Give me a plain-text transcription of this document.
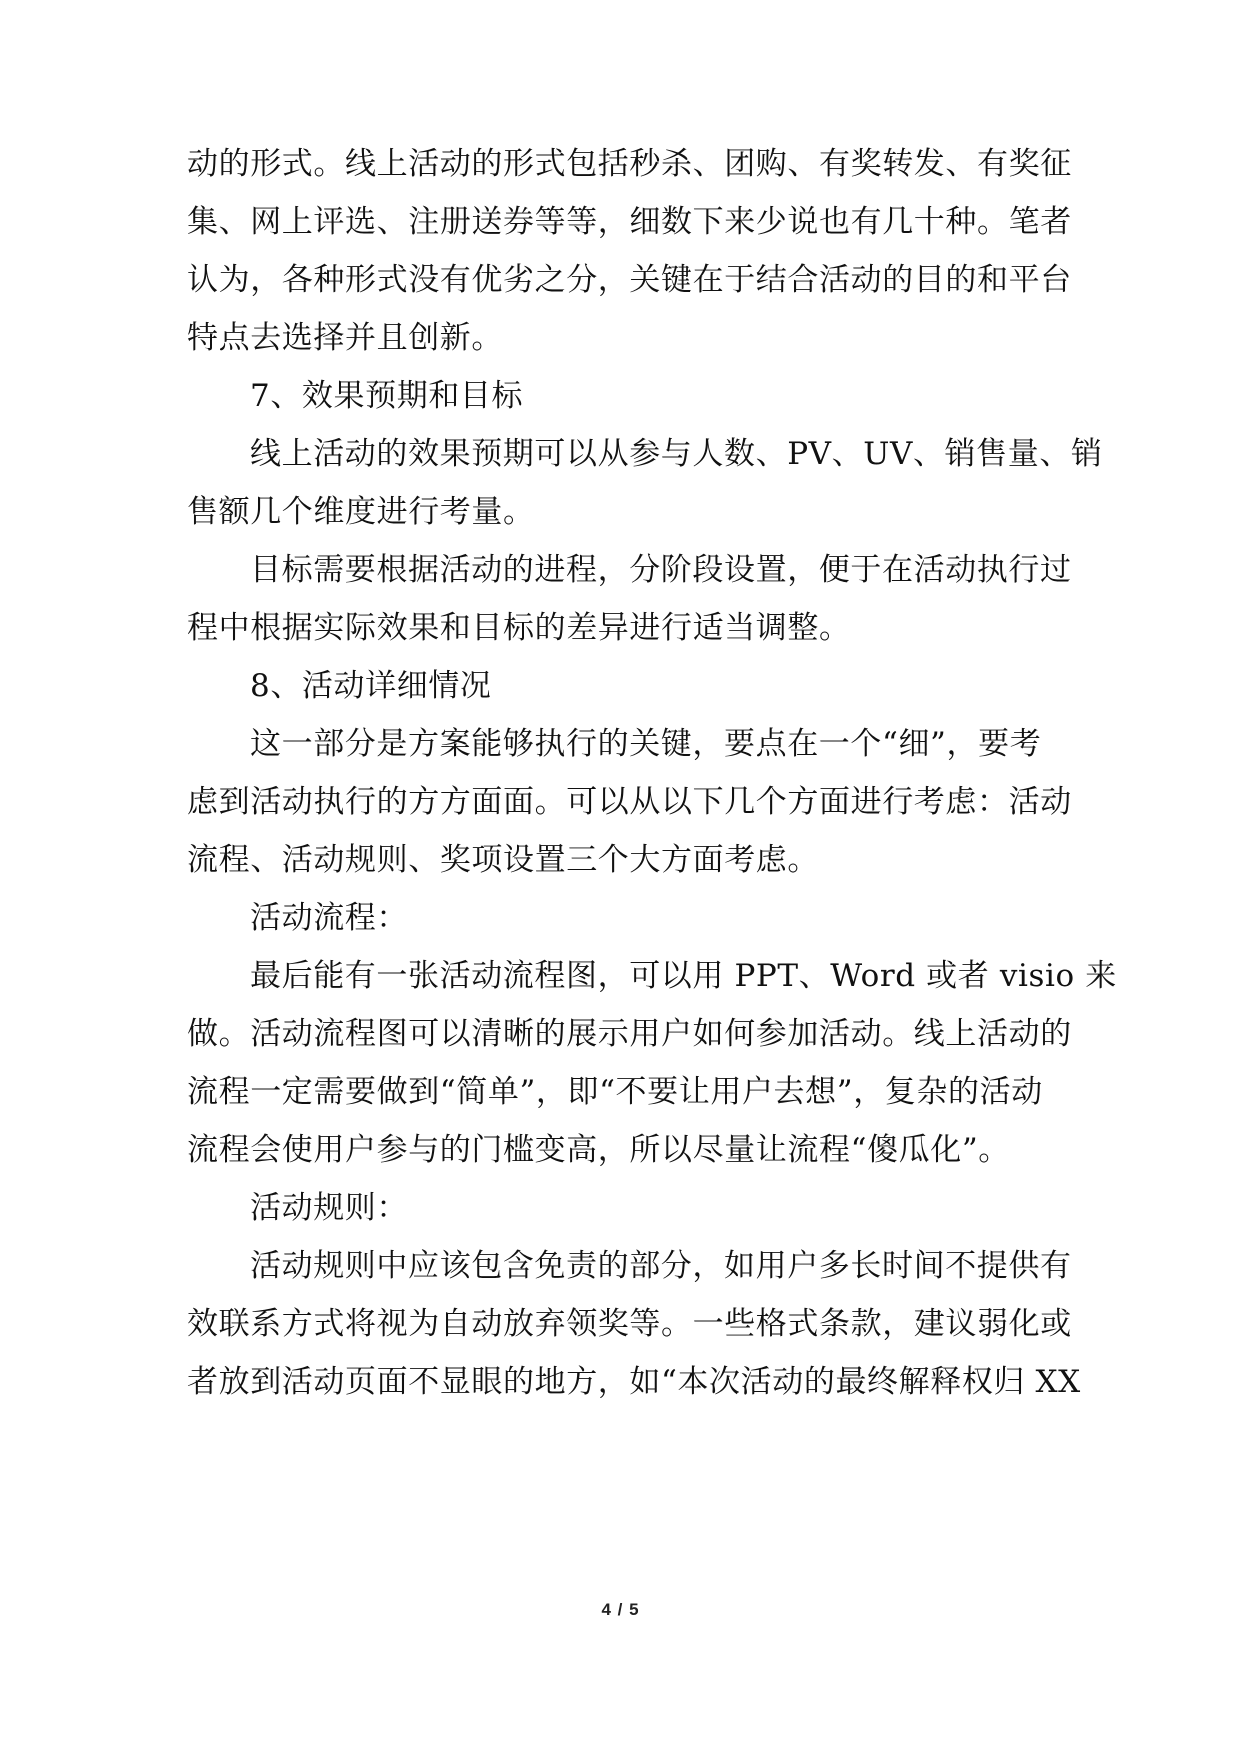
动的形式。线上活动的形式包括秒杀、团购、有奖转发、有奖征
集、网上评选、注册送券等等，细数下来少说也有几十种。笔者
认为，各种形式没有优劣之分，关键在于结合活动的目的和平台
特点去选择并且创新。
7、效果预期和目标
线上活动的效果预期可以从参与人数、PV、UV、销售量、销
售额几个维度进行考量。
目标需要根据活动的进程，分阶段设置，便于在活动执行过
程中根据实际效果和目标的差异进行适当调整。
8、活动详细情况
这一部分是方案能够执行的关键，要点在一个“细”，要考
虑到活动执行的方方面面。可以从以下几个方面进行考虑：活动
流程、活动规则、奖项设置三个大方面考虑。
活动流程：
最后能有一张活动流程图，可以用 PPT、Word 或者 visio 来
做。活动流程图可以清晰的展示用户如何参加活动。线上活动的
流程一定需要做到“简单”，即“不要让用户去想”，复杂的活动
流程会使用户参与的门槛变高，所以尽量让流程“傻瓜化”。
活动规则：
活动规则中应该包含免责的部分，如用户多长时间不提供有
效联系方式将视为自动放弃领奖等。一些格式条款，建议弱化或
者放到活动页面不显眼的地方，如“本次活动的最终解释权归 XX
4 / 5
